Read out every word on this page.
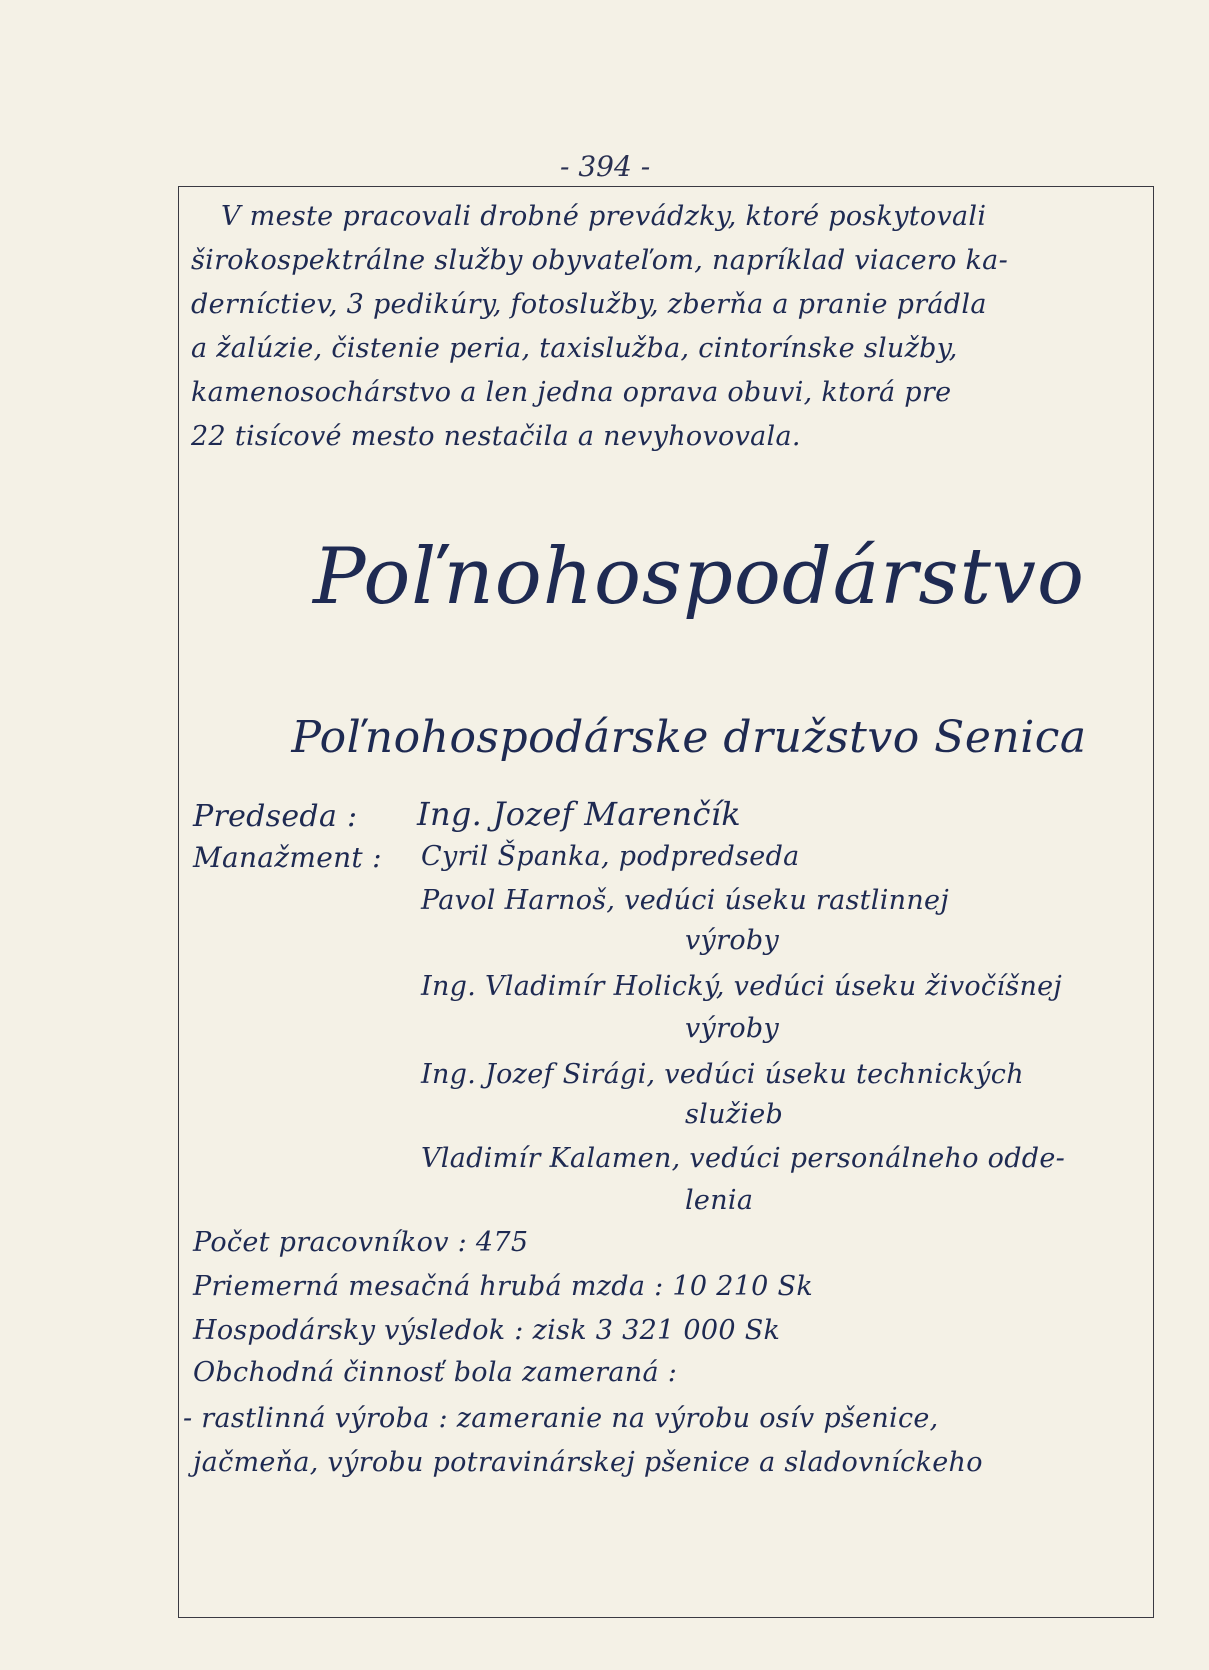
- 394 -
V meste pracovali drobné prevádzky, ktoré poskytovali
širokospektrálne služby obyvateľom, napríklad viacero ka-
derníctiev, 3 pedikúry, fotoslužby, zberňa a pranie prádla
a žalúzie, čistenie peria, taxislužba, cintorínske služby,
kamenosochárstvo a len jedna oprava obuvi, ktorá pre
22 tisícové mesto nestačila a nevyhovovala.
Poľnohospodárstvo
Poľnohospodárske družstvo Senica
Predseda : Ing. Jozef Marenčík
Manažment : Cyril Španka, podpredseda
Pavol Harnoš, vedúci úseku rastlinnej
výroby
Ing. Vladimír Holický, vedúci úseku živočíšnej
výroby
Ing. Jozef Sirági, vedúci úseku technických
služieb
Vladimír Kalamen, vedúci personálneho odde-
lenia
Počet pracovníkov : 475
Priemerná mesačná hrubá mzda : 10 210 Sk
Hospodársky výsledok : zisk 3 321 000 Sk
Obchodná činnosť bola zameraná :
- rastlinná výroba : zameranie na výrobu osív pšenice,
jačmeňa, výrobu potravinárskej pšenice a sladovníckeho
